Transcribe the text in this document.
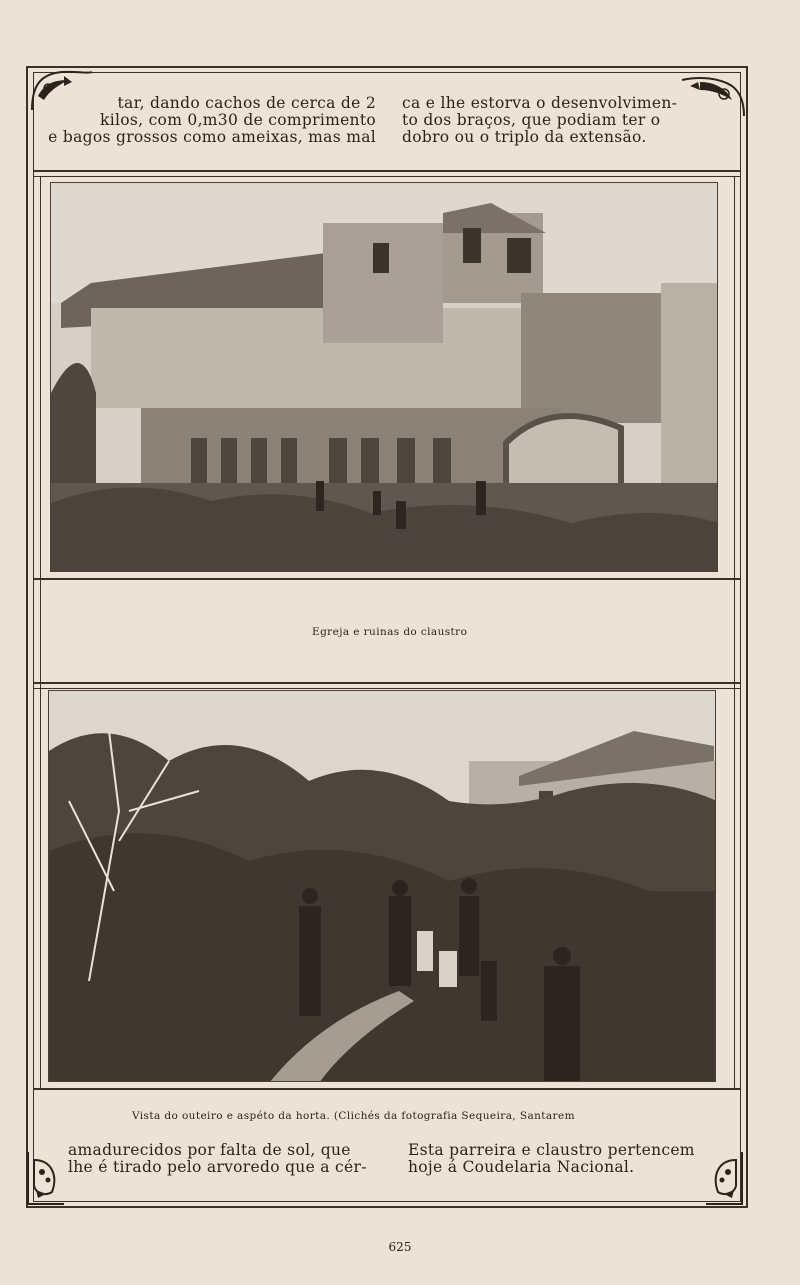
tar, dando cachos de cerca de 2

kilos, com 0,m30 de comprimento

e bagos grossos como ameixas, mas mal

ca e lhe estorva o desenvolvimen-

to dos braços, que podiam ter o

dobro ou o triplo da extensão.

Egreja e ruinas do claustro
Vista do outeiro e aspéto da horta. (Clichés da fotografia Sequeira, Santarem

amadurecidos por falta de sol, que

lhe é tirado pelo arvoredo que a cér-

Esta parreira e claustro pertencem

hoje á Coudelaria Nacional.

625
